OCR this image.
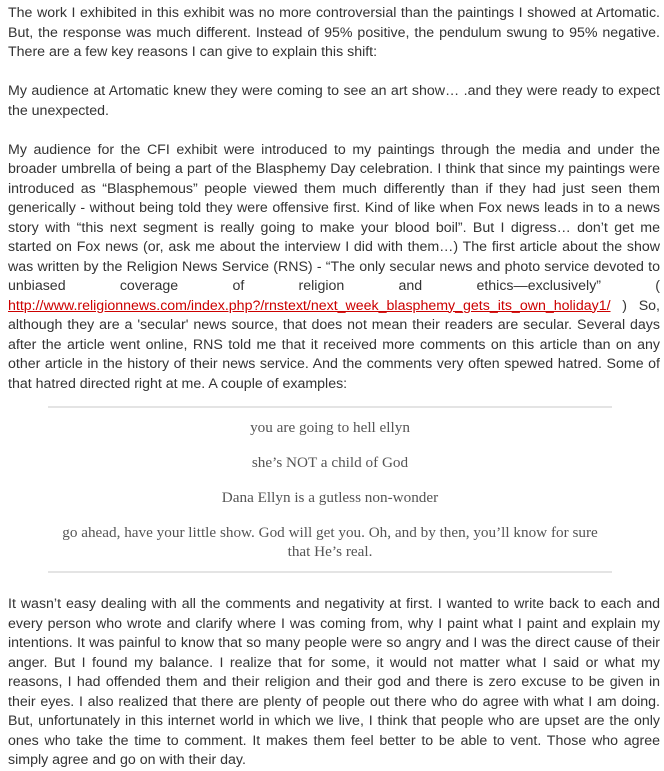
The work I exhibited in this exhibit was no more controversial than the paintings I showed at Artomatic. But, the response was much different. Instead of 95% positive, the pendulum swung to 95% negative. There are a few key reasons I can give to explain this shift:

My audience at Artomatic knew they were coming to see an art show… .and they were ready to expect the unexpected.

My audience for the CFI exhibit were introduced to my paintings through the media and under the broader umbrella of being a part of the Blasphemy Day celebration. I think that since my paintings were introduced as “Blasphemous” people viewed them much differently than if they had just seen them generically - without being told they were offensive first. Kind of like when Fox news leads in to a news story with “this next segment is really going to make your blood boil”. But I digress… don’t get me started on Fox news (or, ask me about the interview I did with them…) The first article about the show was written by the Religion News Service (RNS) - “The only secular news and photo service devoted to unbiased coverage of religion and ethics—exclusively” ( http://www.religionnews.com/index.php?/rnstext/next_week_blasphemy_gets_its_own_holiday1/ ) So, although they are a 'secular' news source, that does not mean their readers are secular. Several days after the article went online, RNS told me that it received more comments on this article than on any other article in the history of their news service. And the comments very often spewed hatred. Some of that hatred directed right at me. A couple of examples:

you are going to hell ellyn

she’s NOT a child of God

Dana Ellyn is a gutless non-wonder

go ahead, have your little show. God will get you. Oh, and by then, you’ll know for sure that He’s real.

It wasn’t easy dealing with all the comments and negativity at first. I wanted to write back to each and every person who wrote and clarify where I was coming from, why I paint what I paint and explain my intentions. It was painful to know that so many people were so angry and I was the direct cause of their anger. But I found my balance. I realize that for some, it would not matter what I said or what my reasons, I had offended them and their religion and their god and there is zero excuse to be given in their eyes. I also realized that there are plenty of people out there who do agree with what I am doing. But, unfortunately in this internet world in which we live, I think that people who are upset are the only ones who take the time to comment. It makes them feel better to be able to vent. Those who agree simply agree and go on with their day.
